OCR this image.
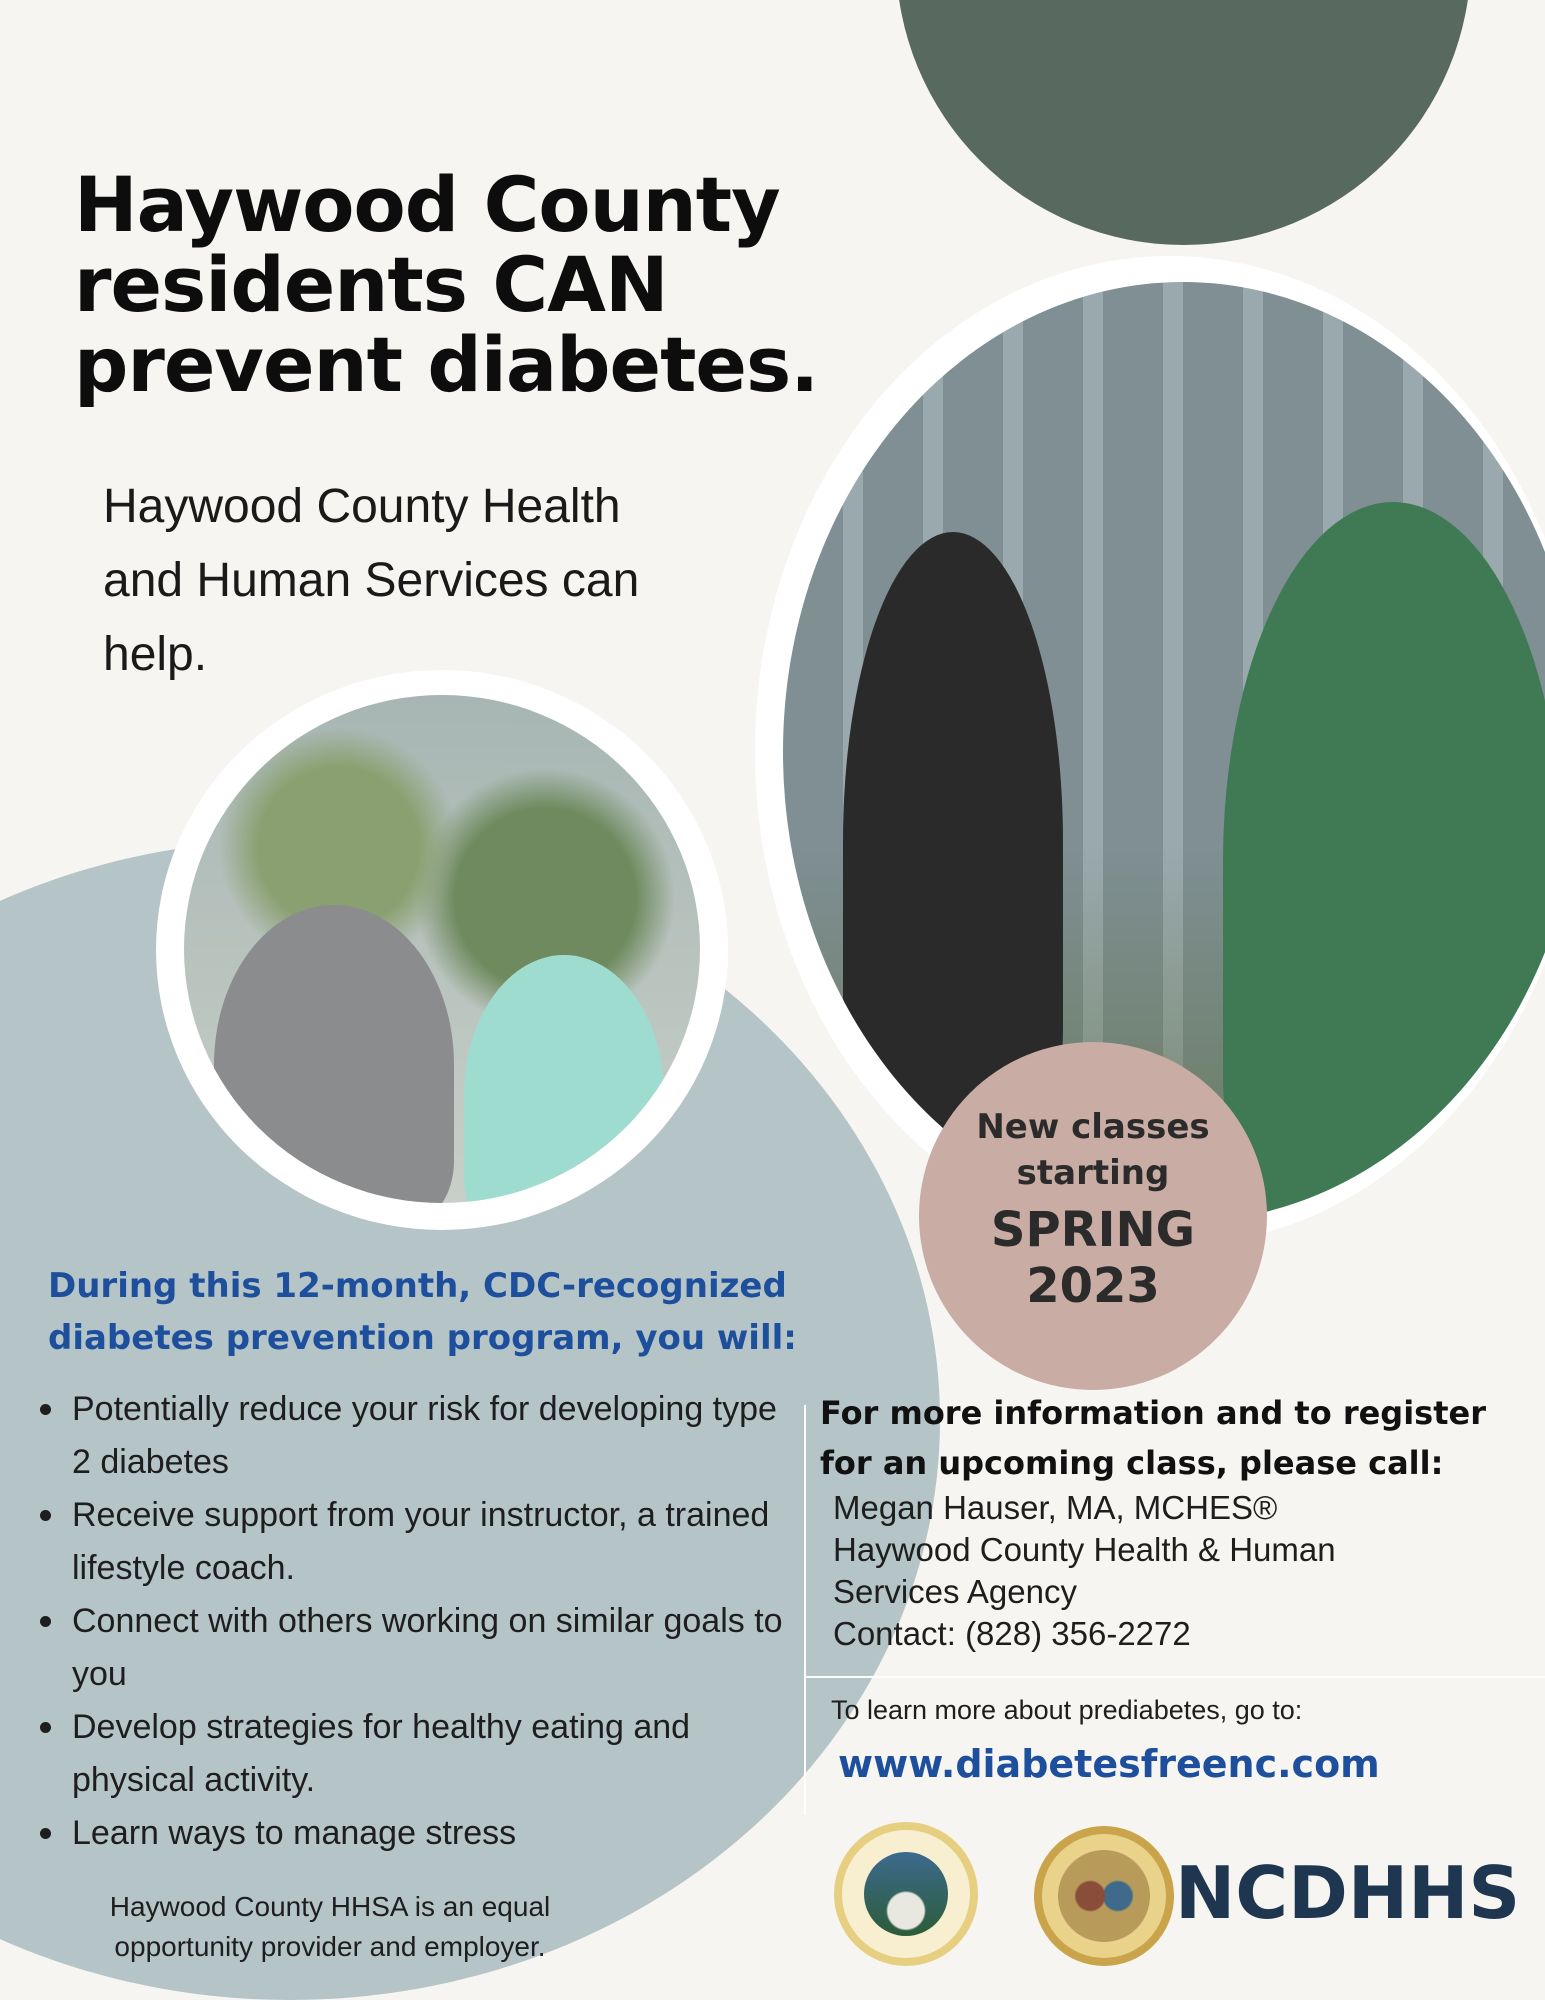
Haywood County
residents CAN
prevent diabetes.
Haywood County Health
and Human Services can
help.
New classes
starting
SPRING
2023
During this 12-month, CDC-recognized
diabetes prevention program, you will:
Potentially reduce your risk for developing type 2 diabetes
Receive support from your instructor, a trained lifestyle coach.
Connect with others working on similar goals to you
Develop strategies for healthy eating and physical activity.
Learn ways to manage stress
Haywood County HHSA is an equal
opportunity provider and employer.
For more information and to register
for an upcoming class, please call:
Megan Hauser, MA, MCHES®
Haywood County Health & Human
Services Agency
Contact: (828) 356-2272
To learn more about prediabetes, go to:
www.diabetesfreenc.com
NCDHHS
